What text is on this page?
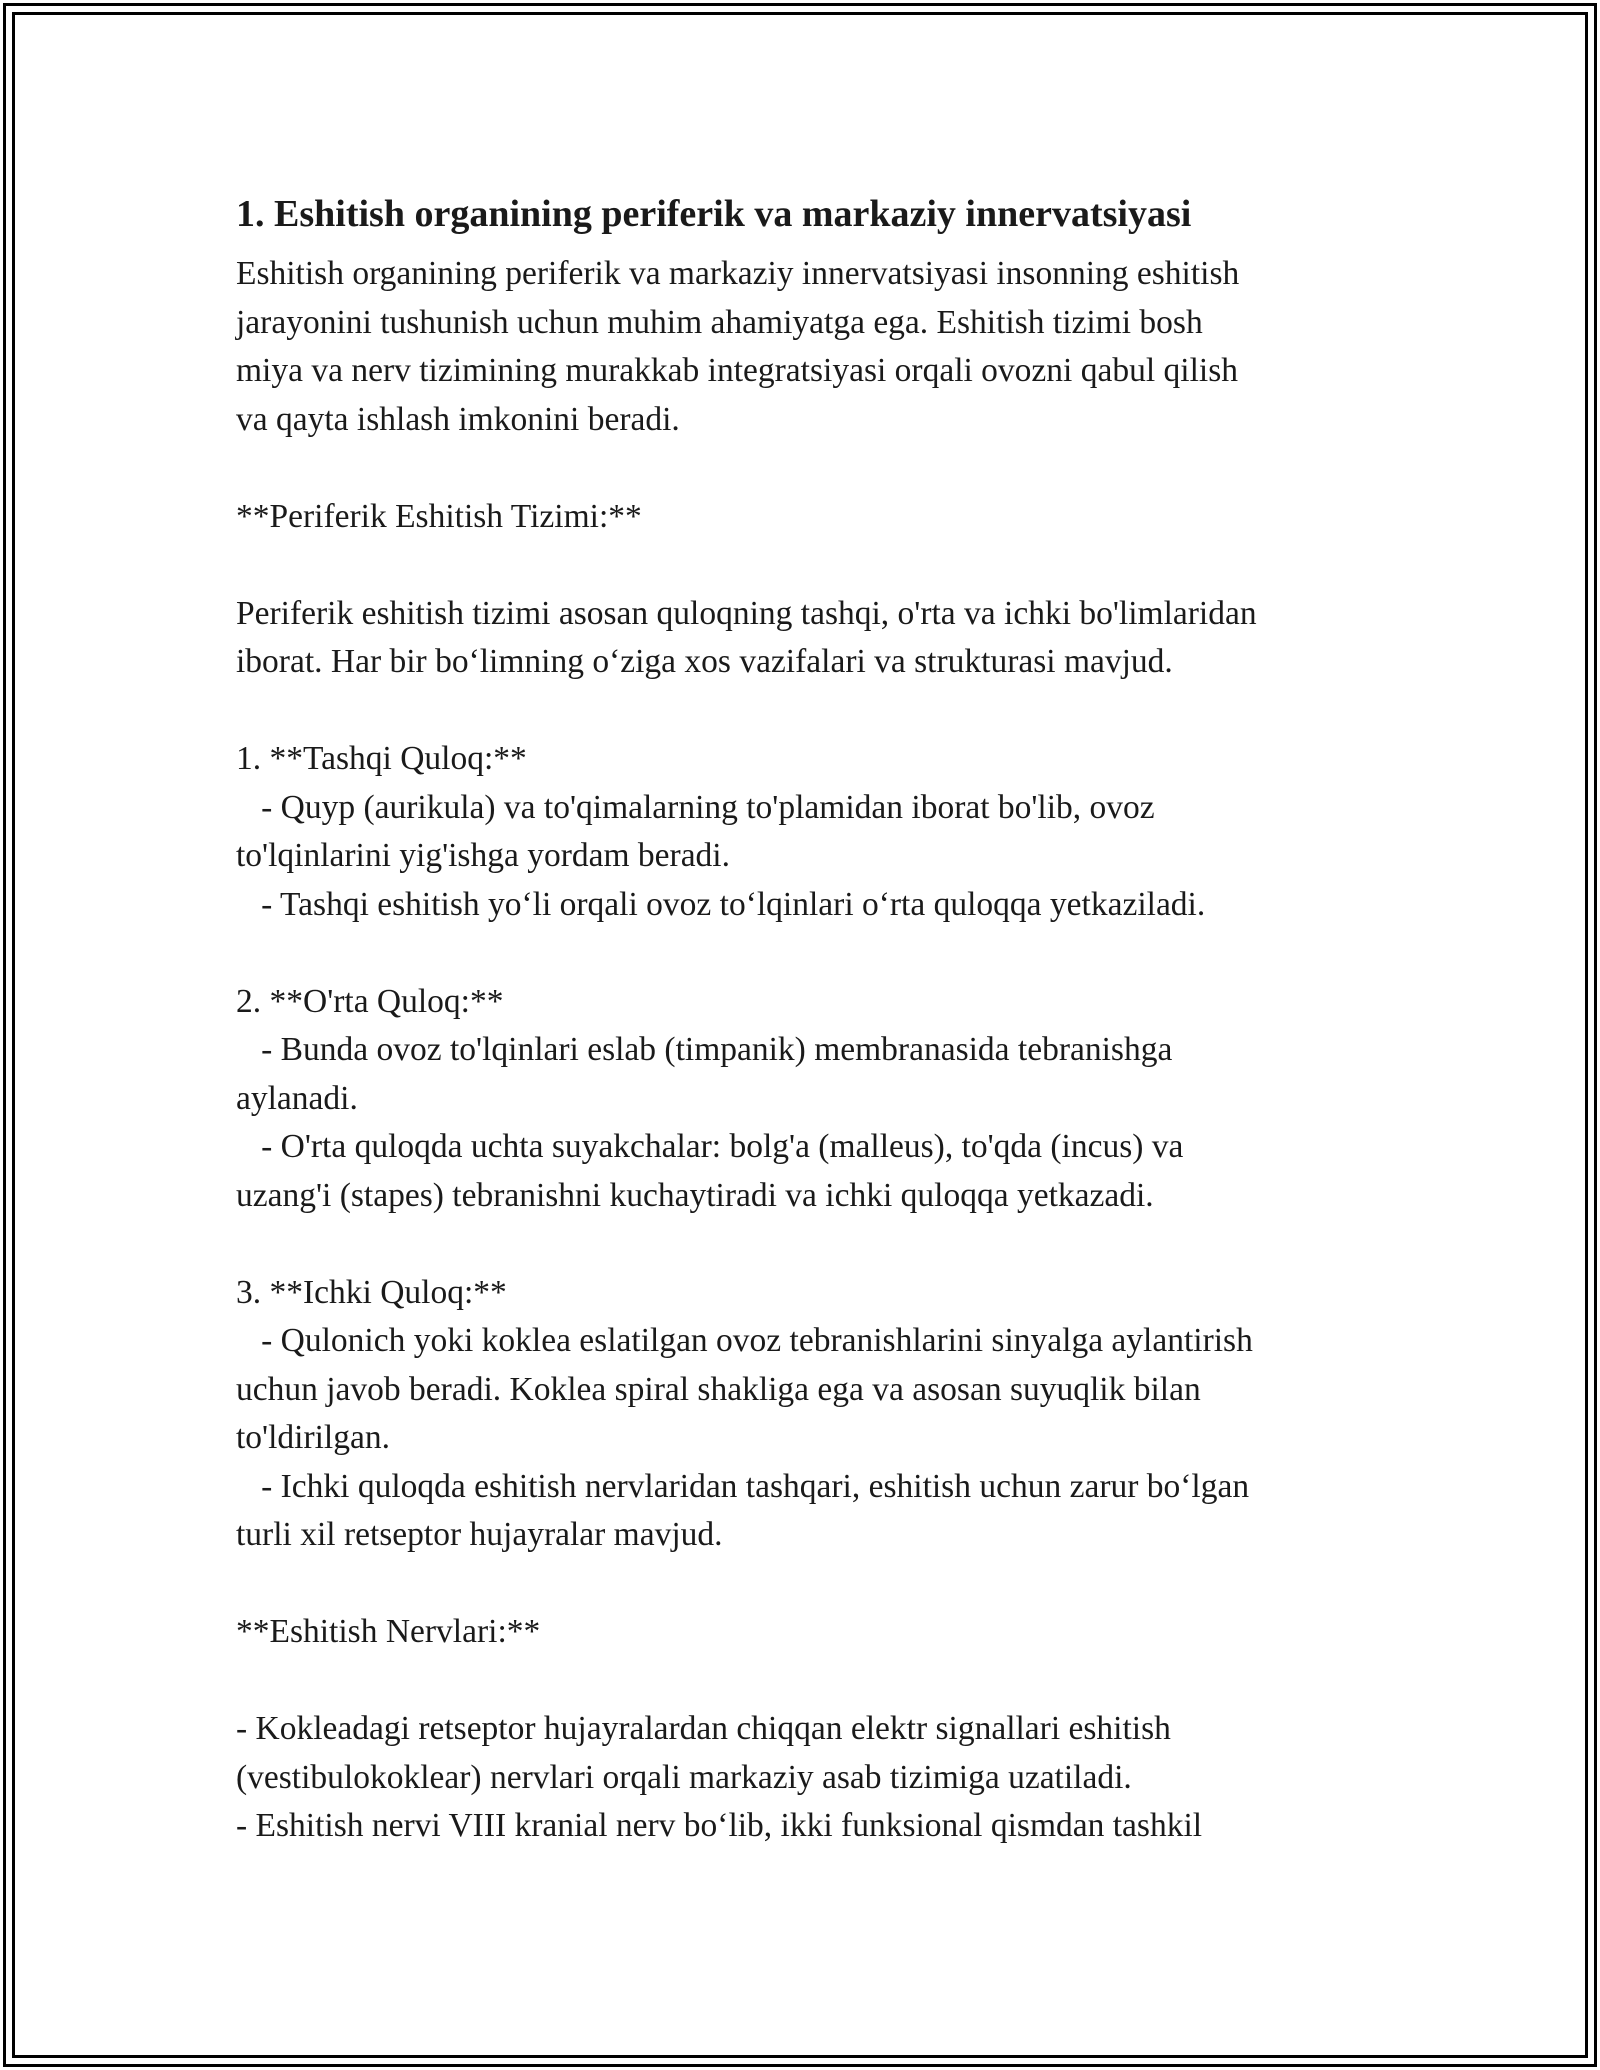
1. Eshitish organining periferik va markaziy innervatsiyasi
Eshitish organining periferik va markaziy innervatsiyasi insonning eshitish
jarayonini tushunish uchun muhim ahamiyatga ega. Eshitish tizimi bosh
miya va nerv tizimining murakkab integratsiyasi orqali ovozni qabul qilish
va qayta ishlash imkonini beradi.
**Periferik Eshitish Tizimi:**
Periferik eshitish tizimi asosan quloqning tashqi, o'rta va ichki bo'limlaridan
iborat. Har bir bo‘limning o‘ziga xos vazifalari va strukturasi mavjud.
1. **Tashqi Quloq:**
- Quyp (aurikula) va to'qimalarning to'plamidan iborat bo'lib, ovoz
to'lqinlarini yig'ishga yordam beradi.
- Tashqi eshitish yo‘li orqali ovoz to‘lqinlari o‘rta quloqqa yetkaziladi.
2. **O'rta Quloq:**
- Bunda ovoz to'lqinlari eslab (timpanik) membranasida tebranishga
aylanadi.
- O'rta quloqda uchta suyakchalar: bolg'a (malleus), to'qda (incus) va
uzang'i (stapes) tebranishni kuchaytiradi va ichki quloqqa yetkazadi.
3. **Ichki Quloq:**
- Qulonich yoki koklea eslatilgan ovoz tebranishlarini sinyalga aylantirish
uchun javob beradi. Koklea spiral shakliga ega va asosan suyuqlik bilan
to'ldirilgan.
- Ichki quloqda eshitish nervlaridan tashqari, eshitish uchun zarur bo‘lgan
turli xil retseptor hujayralar mavjud.
**Eshitish Nervlari:**
- Kokleadagi retseptor hujayralardan chiqqan elektr signallari eshitish
(vestibulokoklear) nervlari orqali markaziy asab tizimiga uzatiladi.
- Eshitish nervi VIII kranial nerv bo‘lib, ikki funksional qismdan tashkil
